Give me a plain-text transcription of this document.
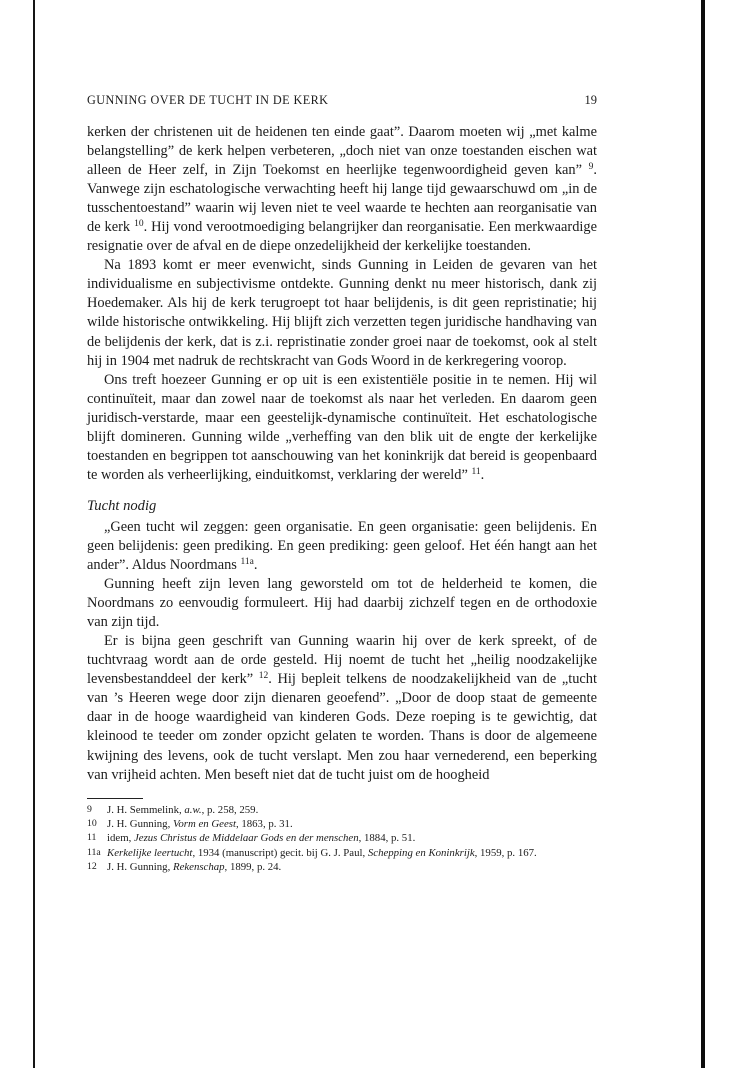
GUNNING OVER DE TUCHT IN DE KERK	19

kerken der christenen uit de heidenen ten einde gaat”. Daarom moeten wij „met kalme belangstelling” de kerk helpen verbeteren, „doch niet van onze toestanden eischen wat alleen de Heer zelf, in Zijn Toekomst en heerlijke tegenwoordigheid geven kan” $^9$. Vanwege zijn eschatologische verwachting heeft hij lange tijd gewaarschuwd om „in de tusschentoestand” waarin wij leven niet te veel waarde te hechten aan reorganisatie van de kerk $^{10}$. Hij vond verootmoediging belangrijker dan reorganisatie. Een merkwaardige resignatie over de afval en de diepe onzedelijkheid der kerkelijke toestanden.

Na 1893 komt er meer evenwicht, sinds Gunning in Leiden de gevaren van het individualisme en subjectivisme ontdekte. Gunning denkt nu meer historisch, dank zij Hoedemaker. Als hij de kerk terugroept tot haar belijdenis, is dit geen repristinatie; hij wilde historische ontwikkeling. Hij blijft zich verzetten tegen juridische handhaving van de belijdenis der kerk, dat is z.i. repristinatie zonder groei naar de toekomst, ook al stelt hij in 1904 met nadruk de rechtskracht van Gods Woord in de kerkregering voorop.

Ons treft hoezeer Gunning er op uit is een existentiële positie in te nemen. Hij wil continuïteit, maar dan zowel naar de toekomst als naar het verleden. En daarom geen juridisch-verstarde, maar een geestelijk-dynamische continuïteit. Het eschatologische blijft domineren. Gunning wilde „verheffing van den blik uit de engte der kerkelijke toestanden en begrippen tot aanschouwing van het koninkrijk dat bereid is geopenbaard te worden als verheerlijking, einduitkomst, verklaring der wereld” $^{11}$.

Tucht nodig

„Geen tucht wil zeggen: geen organisatie. En geen organisatie: geen belijdenis. En geen belijdenis: geen prediking. En geen prediking: geen geloof. Het één hangt aan het ander”. Aldus Noordmans $^{11a}$.

Gunning heeft zijn leven lang geworsteld om tot de helderheid te komen, die Noordmans zo eenvoudig formuleert. Hij had daarbij zichzelf tegen en de orthodoxie van zijn tijd.

Er is bijna geen geschrift van Gunning waarin hij over de kerk spreekt, of de tuchtvraag wordt aan de orde gesteld. Hij noemt de tucht het „heilig noodzakelijke levensbestanddeel der kerk” $^{12}$. Hij bepleit telkens de noodzakelijkheid van de „tucht van ’s Heeren wege door zijn dienaren geoefend”. „Door de doop staat de gemeente daar in de hooge waardigheid van kinderen Gods. Deze roeping is te gewichtig, dat kleinood te teeder om zonder opzicht gelaten te worden. Thans is door de algemeene kwijning des levens, ook de tucht verslapt. Men zou haar vernederend, een beperking van vrijheid achten. Men beseft niet dat de tucht juist om de hoogheid

9	J. H. Semmelink, a.w., p. 258, 259.
10 J. H. Gunning, Vorm en Geest, 1863, p. 31.
11 idem, Jezus Christus de Middelaar Gods en der menschen, 1884, p. 51.
11a Kerkelijke leertucht, 1934 (manuscript) gecit. bij G. J. Paul, Schepping en Koninkrijk, 1959, p. 167.
12 J. H. Gunning, Rekenschap, 1899, p. 24.
